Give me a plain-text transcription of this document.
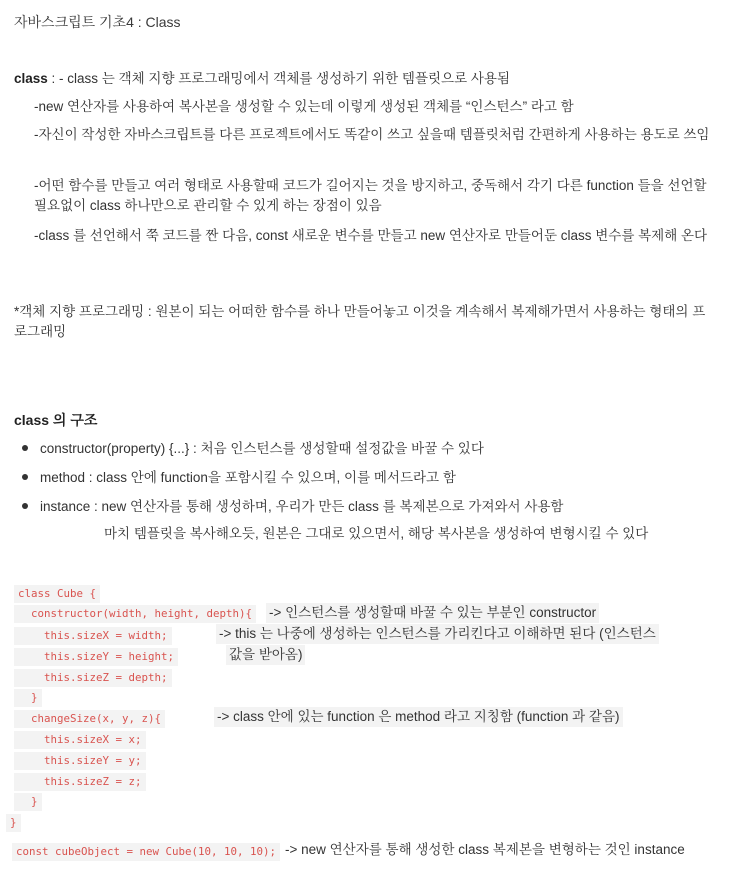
자바스크립트 기초4 : Class
class : - class 는 객체 지향 프로그래밍에서 객체를 생성하기 위한 템플릿으로 사용됨
-new 연산자를 사용하여 복사본을 생성할 수 있는데 이렇게 생성된 객체를 “인스턴스” 라고 함
-자신이 작성한 자바스크립트를 다른 프로젝트에서도 똑같이 쓰고 싶을때 템플릿처럼 간편하게 사용하는 용도로 쓰임
-어떤 함수를 만들고 여러 형태로 사용할때 코드가 길어지는 것을 방지하고, 중독해서 각기 다른 function 들을 선언할 필요없이 class 하나만으로 관리할 수 있게 하는 장점이 있음
-class 를 선언해서 쭉 코드를 짠 다음, const 새로운 변수를 만들고 new 연산자로 만들어둔 class 변수를 복제해 온다
*객체 지향 프로그래밍 : 원본이 되는 어떠한 함수를 하나 만들어놓고 이것을 계속해서 복제해가면서 사용하는 형태의 프로그래밍
class 의 구조
constructor(property) {...} : 처음 인스턴스를 생성할때 설정값을 바꿀 수 있다
method : class 안에 function을 포함시킬 수 있으며, 이를 메서드라고 함
instance : new 연산자를 통해 생성하며, 우리가 만든 class 를 복제본으로 가져와서 사용함
마치 템플릿을 복사해오듯, 원본은 그대로 있으면서, 해당 복사본을 생성하여 변형시킬 수 있다
class Cube {
constructor(width, height, depth){
this.sizeX = width;
this.sizeY = height;
this.sizeZ = depth;
}
changeSize(x, y, z){
this.sizeX = x;
this.sizeY = y;
this.sizeZ = z;
}
}
const cubeObject = new Cube(10, 10, 10);
-> 인스턴스를 생성할때 바꿀 수 있는 부분인 constructor
-> this 는 나중에 생성하는 인스턴스를 가리킨다고 이해하면 된다 (인스턴스
값을 받아옴)
-> class 안에 있는 function 은 method 라고 지칭함 (function 과 같음)
-> new 연산자를 통해 생성한 class 복제본을 변형하는 것인 instance
